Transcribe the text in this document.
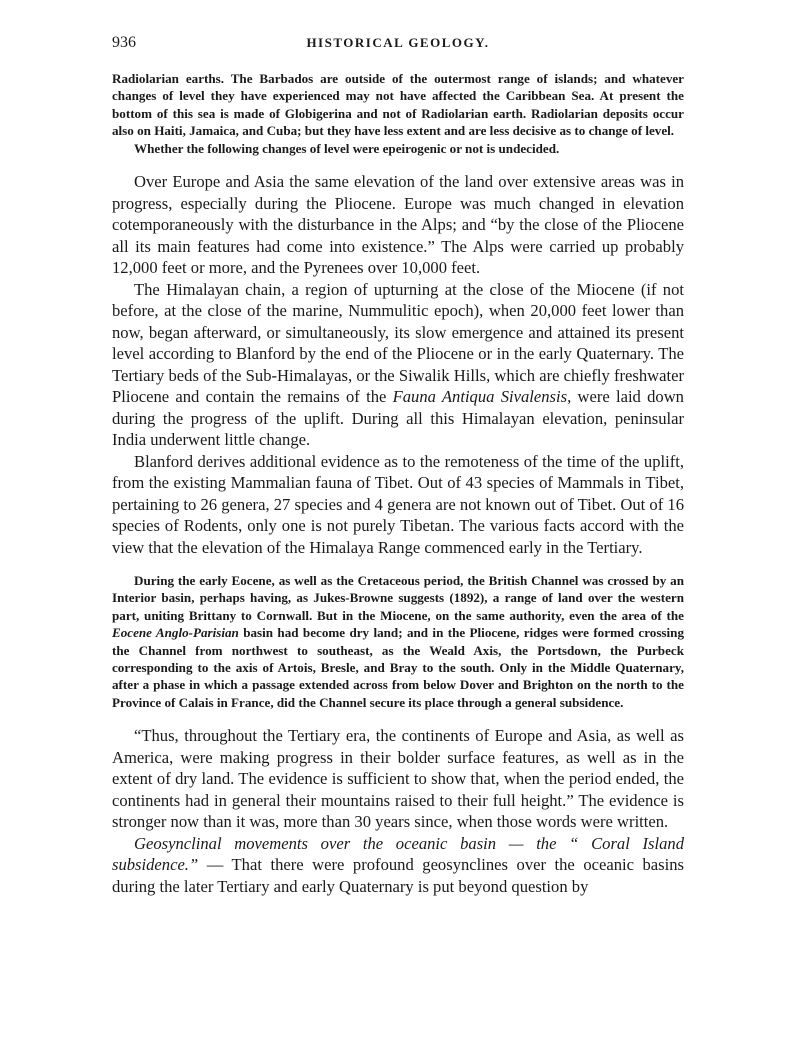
936	HISTORICAL GEOLOGY.

Radiolarian earths. The Barbados are outside of the outermost range of islands; and whatever changes of level they have experienced may not have affected the Caribbean Sea. At present the bottom of this sea is made of Globigerina and not of Radiolarian earth. Radiolarian deposits occur also on Haiti, Jamaica, and Cuba; but they have less extent and are less decisive as to change of level.

Whether the following changes of level were epeirogenic or not is undecided.

Over Europe and Asia the same elevation of the land over extensive areas was in progress, especially during the Pliocene. Europe was much changed in elevation cotemporaneously with the disturbance in the Alps; and “by the close of the Pliocene all its main features had come into existence.” The Alps were carried up probably 12,000 feet or more, and the Pyrenees over 10,000 feet.

The Himalayan chain, a region of upturning at the close of the Miocene (if not before, at the close of the marine, Nummulitic epoch), when 20,000 feet lower than now, began afterward, or simultaneously, its slow emergence and attained its present level according to Blanford by the end of the Pliocene or in the early Quaternary. The Tertiary beds of the Sub-Himalayas, or the Siwalik Hills, which are chiefly freshwater Pliocene and contain the remains of the Fauna Antiqua Sivalensis, were laid down during the progress of the uplift. During all this Himalayan elevation, peninsular India underwent little change.

Blanford derives additional evidence as to the remoteness of the time of the uplift, from the existing Mammalian fauna of Tibet. Out of 43 species of Mammals in Tibet, pertaining to 26 genera, 27 species and 4 genera are not known out of Tibet. Out of 16 species of Rodents, only one is not purely Tibetan. The various facts accord with the view that the elevation of the Himalaya Range commenced early in the Tertiary.

During the early Eocene, as well as the Cretaceous period, the British Channel was crossed by an Interior basin, perhaps having, as Jukes-Browne suggests (1892), a range of land over the western part, uniting Brittany to Cornwall. But in the Miocene, on the same authority, even the area of the Eocene Anglo-Parisian basin had become dry land; and in the Pliocene, ridges were formed crossing the Channel from northwest to southeast, as the Weald Axis, the Portsdown, the Purbeck corresponding to the axis of Artois, Bresle, and Bray to the south. Only in the Middle Quaternary, after a phase in which a passage extended across from below Dover and Brighton on the north to the Province of Calais in France, did the Channel secure its place through a general subsidence.

“Thus, throughout the Tertiary era, the continents of Europe and Asia, as well as America, were making progress in their bolder surface features, as well as in the extent of dry land. The evidence is sufficient to show that, when the period ended, the continents had in general their mountains raised to their full height.” The evidence is stronger now than it was, more than 30 years since, when those words were written.

Geosynclinal movements over the oceanic basin — the “ Coral Island subsidence.” — That there were profound geosynclines over the oceanic basins during the later Tertiary and early Quaternary is put beyond question by
